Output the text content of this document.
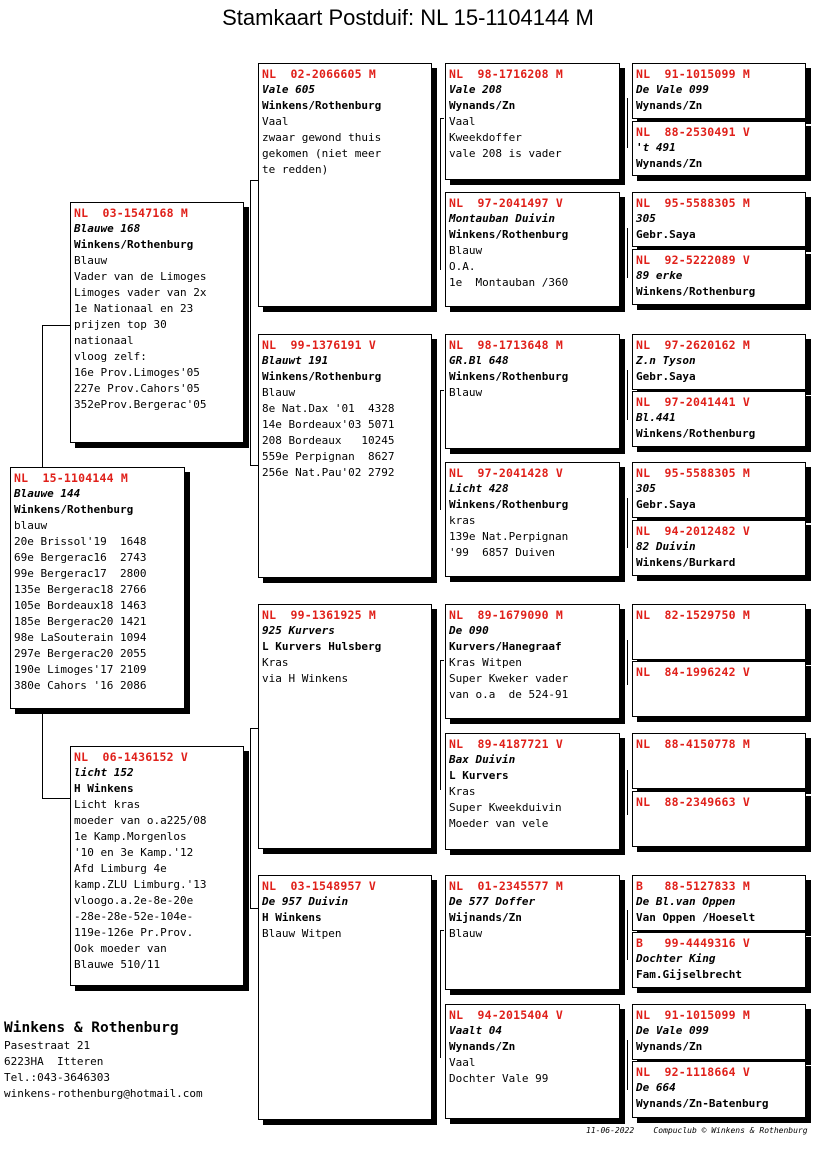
Stamkaart Postduif: NL 15-1104144 M
NL  15-1104144 M
Blauwe 144
Winkens/Rothenburg
blauw
20e Brissol'19  1648
69e Bergerac16  2743
99e Bergerac17  2800
135e Bergerac18 2766
105e Bordeaux18 1463
185e Bergerac20 1421
98e LaSouterain 1094
297e Bergerac20 2055
190e Limoges'17 2109
380e Cahors '16 2086
NL  03-1547168 M
Blauwe 168
Winkens/Rothenburg
Blauw
Vader van de Limoges
Limoges vader van 2x
1e Nationaal en 23
prijzen top 30
nationaal
vloog zelf:
16e Prov.Limoges'05
227e Prov.Cahors'05
352eProv.Bergerac'05
NL  06-1436152 V
licht 152
H Winkens
Licht kras
moeder van o.a225/08
1e Kamp.Morgenlos
'10 en 3e Kamp.'12
Afd Limburg 4e
kamp.ZLU Limburg.'13
vloogo.a.2e-8e-20e
-28e-28e-52e-104e-
119e-126e Pr.Prov.
Ook moeder van
Blauwe 510/11
NL  02-2066605 M
Vale 605
Winkens/Rothenburg
Vaal
zwaar gewond thuis
gekomen (niet meer
te redden)
NL  99-1376191 V
Blauwt 191
Winkens/Rothenburg
Blauw
8e Nat.Dax '01  4328
14e Bordeaux'03 5071
208 Bordeaux   10245
559e Perpignan  8627
256e Nat.Pau'02 2792
NL  99-1361925 M
925 Kurvers
L Kurvers Hulsberg
Kras
via H Winkens
NL  03-1548957 V
De 957 Duivin
H Winkens
Blauw Witpen
NL  98-1716208 M
Vale 208
Wynands/Zn
Vaal
Kweekdoffer
vale 208 is vader
NL  97-2041497 V
Montauban Duivin
Winkens/Rothenburg
Blauw
O.A.
1e  Montauban /360
NL  98-1713648 M
GR.Bl 648
Winkens/Rothenburg
Blauw
NL  97-2041428 V
Licht 428
Winkens/Rothenburg
kras
139e Nat.Perpignan
'99  6857 Duiven
NL  89-1679090 M
De 090
Kurvers/Hanegraaf
Kras Witpen
Super Kweker vader
van o.a  de 524-91
NL  89-4187721 V
Bax Duivin
L Kurvers
Kras
Super Kweekduivin
Moeder van vele
NL  01-2345577 M
De 577 Doffer
Wijnands/Zn
Blauw
NL  94-2015404 V
Vaalt 04
Wynands/Zn
Vaal
Dochter Vale 99
NL  91-1015099 M
De Vale 099
Wynands/Zn
NL  88-2530491 V
't 491
Wynands/Zn
NL  95-5588305 M
305
Gebr.Saya
NL  92-5222089 V
89 erke
Winkens/Rothenburg
NL  97-2620162 M
Z.n Tyson
Gebr.Saya
NL  97-2041441 V
Bl.441
Winkens/Rothenburg
NL  95-5588305 M
305
Gebr.Saya
NL  94-2012482 V
82 Duivin
Winkens/Burkard
NL  82-1529750 M
NL  84-1996242 V
NL  88-4150778 M
NL  88-2349663 V
B   88-5127833 M
De Bl.van Oppen
Van Oppen /Hoeselt
B   99-4449316 V
Dochter King
Fam.Gijselbrecht
NL  91-1015099 M
De Vale 099
Wynands/Zn
NL  92-1118664 V
De 664
Wynands/Zn-Batenburg
Winkens & Rothenburg
Pasestraat 21
6223HA  Itteren
Tel.:043-3646303
winkens-rothenburg@hotmail.com
11-06-2022    Compuclub © Winkens & Rothenburg
